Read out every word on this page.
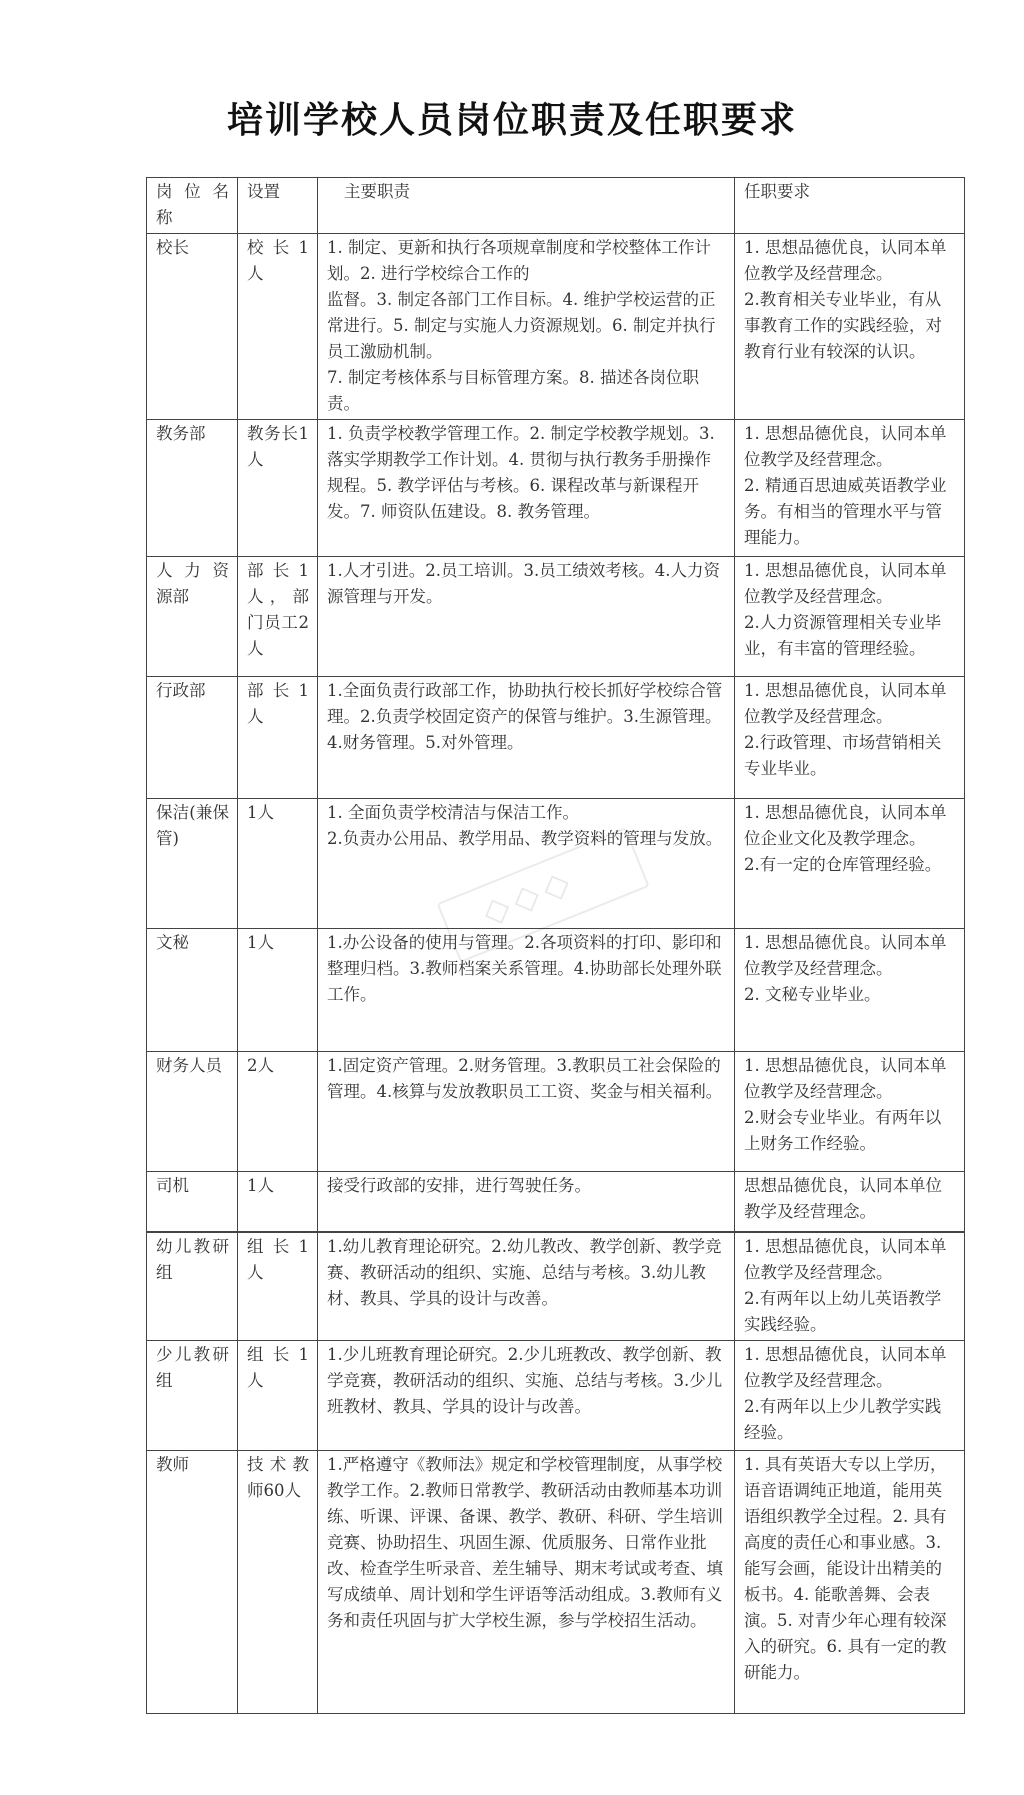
培训学校人员岗位职责及任职要求
岗 位 名称	设置	主要职责	任职要求
校长	校 长 1人	1. 制定、更新和执行各项规章制度和学校整体工作计划。2. 进行学校综合工作的
监督。3. 制定各部门工作目标。4. 维护学校运营的正常进行。5. 制定与实施人力资源规划。6. 制定并执行员工激励机制。
7. 制定考核体系与目标管理方案。8. 描述各岗位职责。	1. 思想品德优良，认同本单位教学及经营理念。
2.教育相关专业毕业，有从事教育工作的实践经验，对教育行业有较深的认识。
教务部	教务长1人	1. 负责学校教学管理工作。2. 制定学校教学规划。3. 落实学期教学工作计划。4. 贯彻与执行教务手册操作规程。5. 教学评估与考核。6. 课程改革与新课程开发。7. 师资队伍建设。8. 教务管理。	1. 思想品德优良，认同本单位教学及经营理念。
2. 精通百思迪威英语教学业务。有相当的管理水平与管理能力。
人 力 资源部	部 长 1人，部门员工2人	1.人才引进。2.员工培训。3.员工绩效考核。4.人力资源管理与开发。	1. 思想品德优良，认同本单位教学及经营理念。
2.人力资源管理相关专业毕业，有丰富的管理经验。
行政部	部 长 1人	1.全面负责行政部工作，协助执行校长抓好学校综合管理。2.负责学校固定资产的保管与维护。3.生源管理。4.财务管理。5.对外管理。	1. 思想品德优良，认同本单位教学及经营理念。
2.行政管理、市场营销相关专业毕业。
保洁(兼保管)	1人	1. 全面负责学校清洁与保洁工作。
2.负责办公用品、教学用品、教学资料的管理与发放。	1. 思想品德优良，认同本单位企业文化及教学理念。
2.有一定的仓库管理经验。
文秘	1人	1.办公设备的使用与管理。2.各项资料的打印、影印和整理归档。3.教师档案关系管理。4.协助部长处理外联工作。	1. 思想品德优良。认同本单位教学及经营理念。
2. 文秘专业毕业。
财务人员	2人	1.固定资产管理。2.财务管理。3.教职员工社会保险的管理。4.核算与发放教职员工工资、奖金与相关福利。	1. 思想品德优良，认同本单位教学及经营理念。
2.财会专业毕业。有两年以上财务工作经验。
司机	1人	接受行政部的安排，进行驾驶任务。	思想品德优良，认同本单位教学及经营理念。
幼儿教研组	组 长 1人	1.幼儿教育理论研究。2.幼儿教改、教学创新、教学竞赛、教研活动的组织、实施、总结与考核。3.幼儿教材、教具、学具的设计与改善。	1. 思想品德优良，认同本单位教学及经营理念。
2.有两年以上幼儿英语教学实践经验。
少儿教研组	组 长 1人	1.少儿班教育理论研究。2.少儿班教改、教学创新、教学竞赛，教研活动的组织、实施、总结与考核。3.少儿班教材、教具、学具的设计与改善。	1. 思想品德优良，认同本单位教学及经营理念。
2.有两年以上少儿教学实践经验。
教师	技术教师60人	1.严格遵守《教师法》规定和学校管理制度，从事学校教学工作。2.教师日常教学、教研活动由教师基本功训练、听课、评课、备课、教学、教研、科研、学生培训竞赛、协助招生、巩固生源、优质服务、日常作业批改、检查学生听录音、差生辅导、期末考试或考查、填写成绩单、周计划和学生评语等活动组成。3.教师有义务和责任巩固与扩大学校生源，参与学校招生活动。	1. 具有英语大专以上学历，语音语调纯正地道，能用英语组织教学全过程。2. 具有高度的责任心和事业感。3. 能写会画，能设计出精美的板书。4. 能歌善舞、会表演。5. 对青少年心理有较深入的研究。6. 具有一定的教研能力。
◇◇◇
